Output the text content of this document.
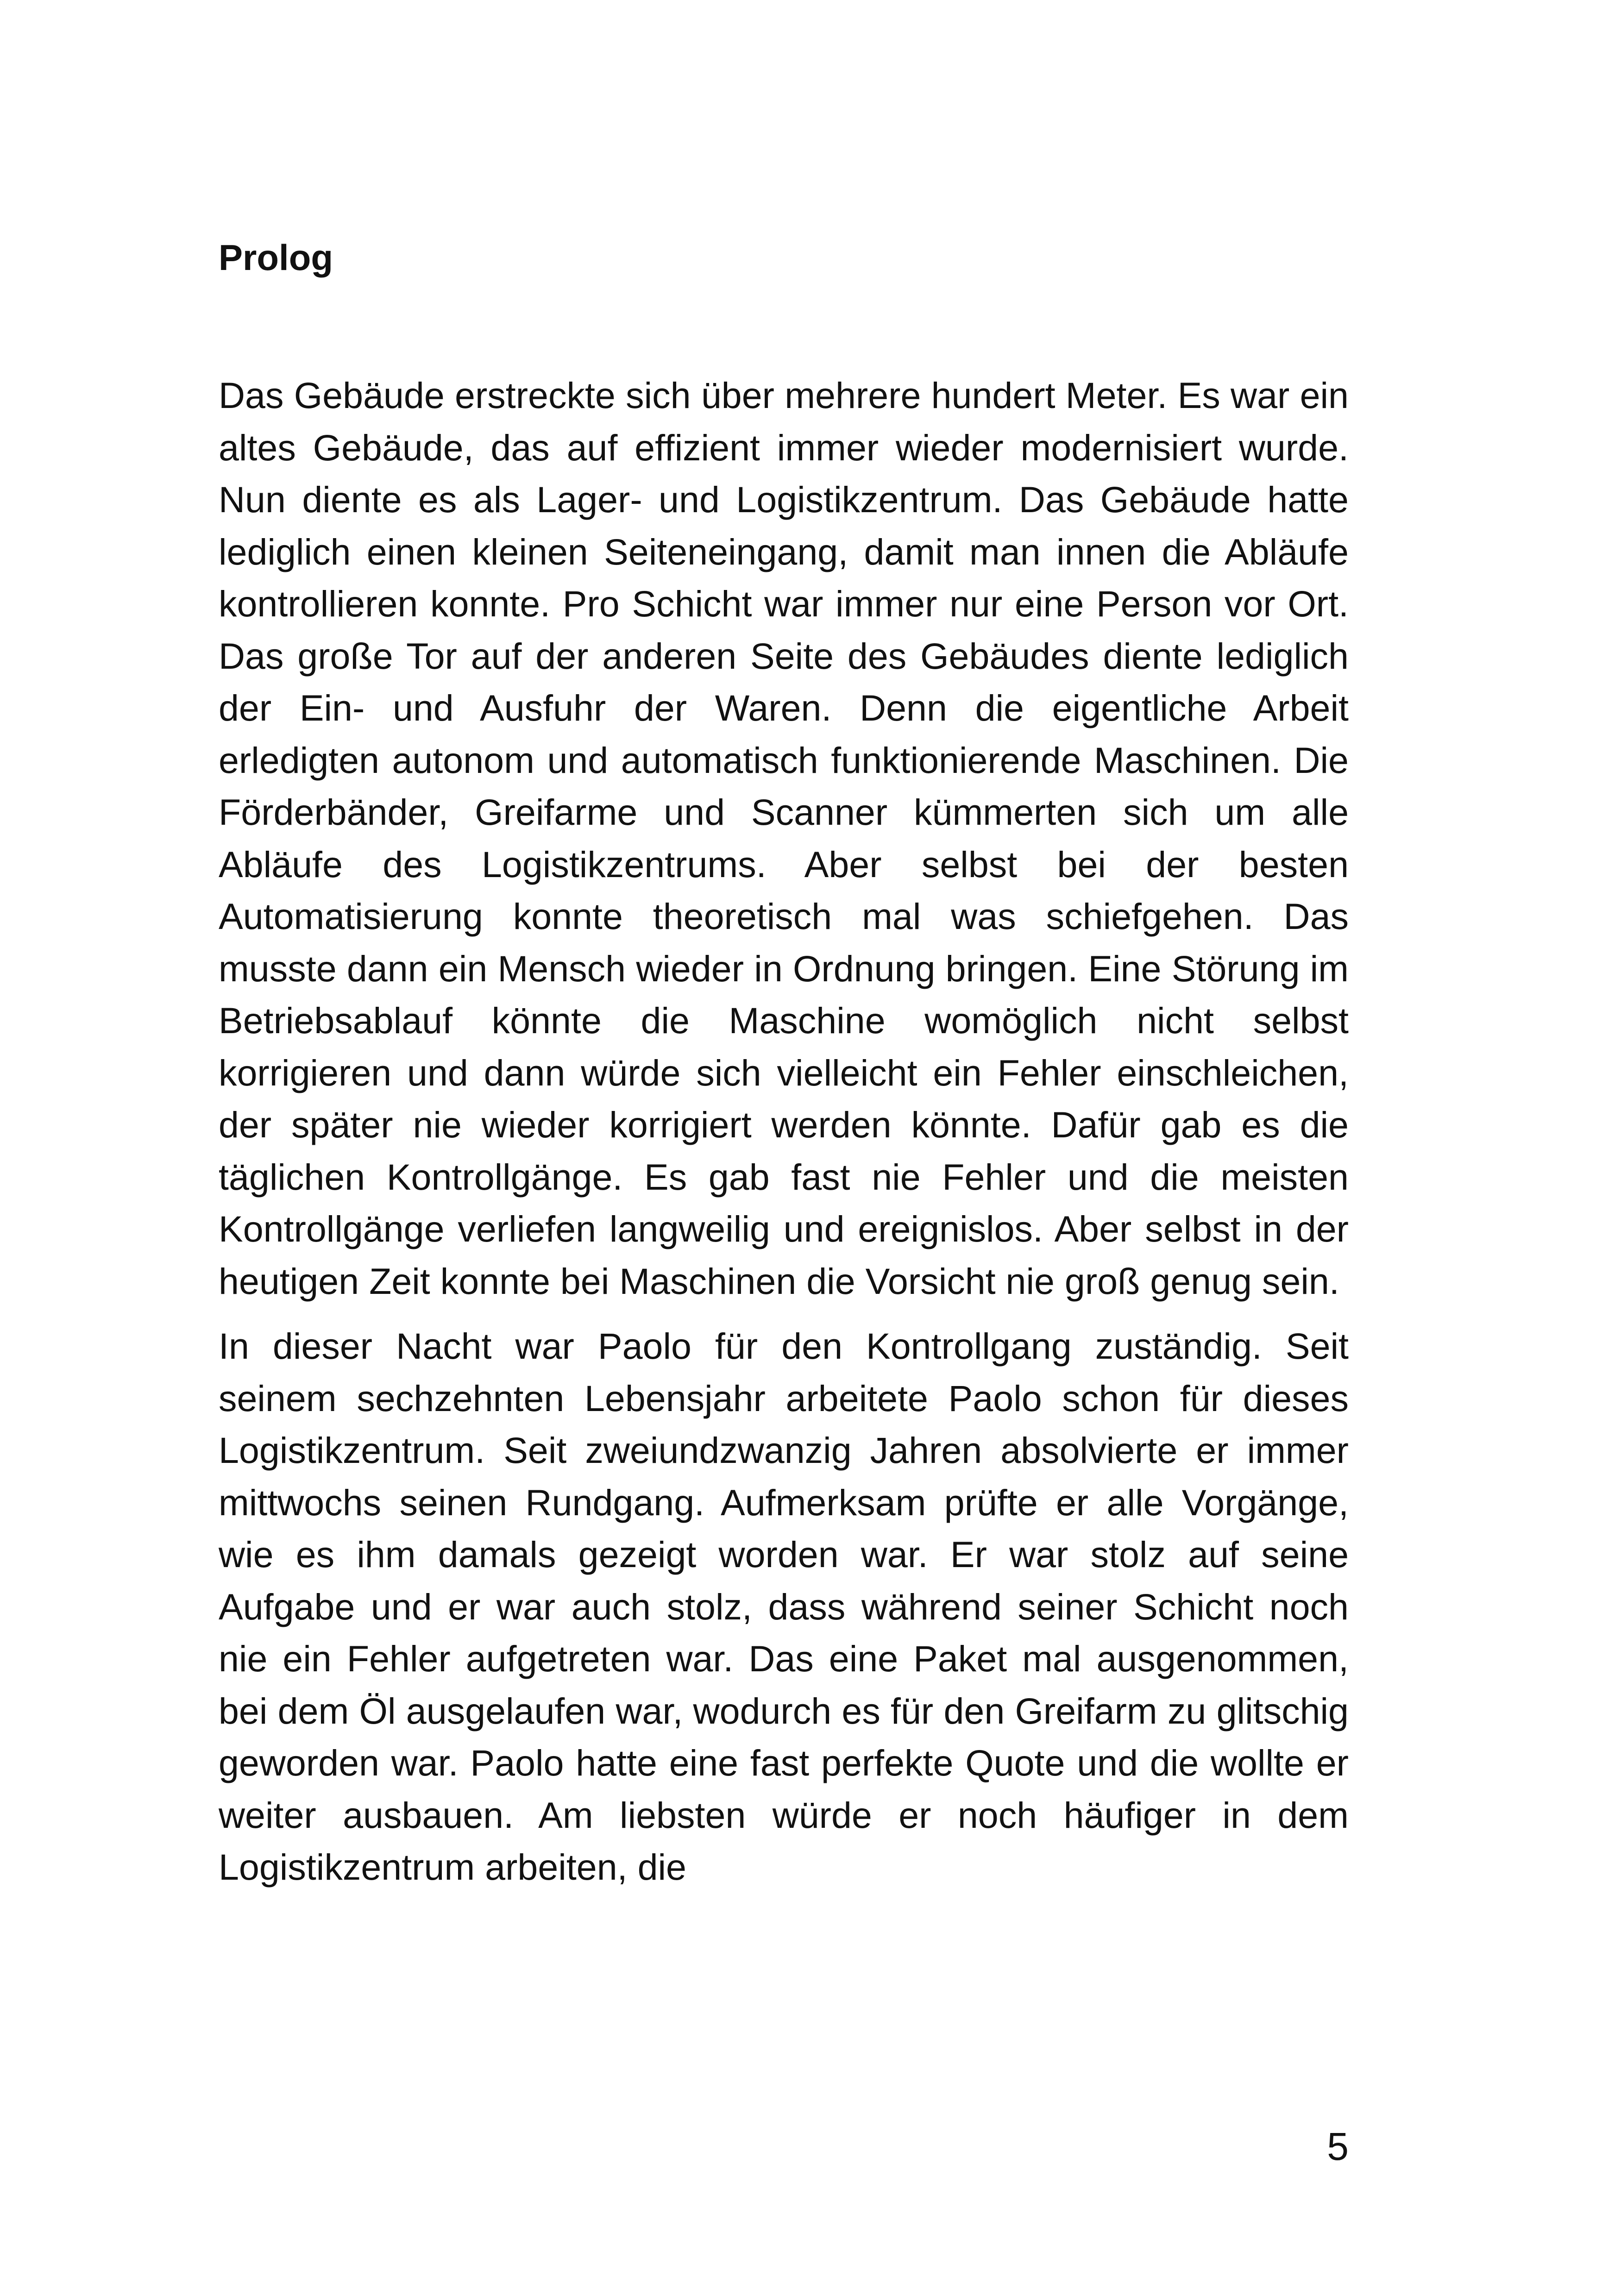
Prolog

Das Gebäude erstreckte sich über mehrere hundert Meter. Es war ein altes Gebäude, das auf effizient immer wieder modernisiert wurde. Nun diente es als Lager- und Logistikzentrum. Das Gebäude hatte lediglich einen kleinen Seiteneingang, damit man innen die Abläufe kontrollieren konnte. Pro Schicht war immer nur eine Person vor Ort. Das große Tor auf der anderen Seite des Gebäudes diente lediglich der Ein- und Ausfuhr der Waren. Denn die eigentliche Arbeit erledigten autonom und automatisch funktionierende Maschinen. Die Förderbänder, Greifarme und Scanner kümmerten sich um alle Abläufe des Logistikzentrums. Aber selbst bei der besten Automatisierung konnte theoretisch mal was schiefgehen. Das musste dann ein Mensch wieder in Ordnung bringen. Eine Störung im Betriebsablauf könnte die Maschine womöglich nicht selbst korrigieren und dann würde sich vielleicht ein Fehler einschleichen, der später nie wieder korrigiert werden könnte. Dafür gab es die täglichen Kontrollgänge. Es gab fast nie Fehler und die meisten Kontrollgänge verliefen langweilig und ereignislos. Aber selbst in der heutigen Zeit konnte bei Maschinen die Vorsicht nie groß genug sein.

In dieser Nacht war Paolo für den Kontrollgang zuständig. Seit seinem sechzehnten Lebensjahr arbeitete Paolo schon für dieses Logistikzentrum. Seit zweiundzwanzig Jahren absolvierte er immer mittwochs seinen Rundgang. Aufmerksam prüfte er alle Vorgänge, wie es ihm damals gezeigt worden war. Er war stolz auf seine Aufgabe und er war auch stolz, dass während seiner Schicht noch nie ein Fehler aufgetreten war. Das eine Paket mal ausgenommen, bei dem Öl ausgelaufen war, wodurch es für den Greifarm zu glitschig geworden war. Paolo hatte eine fast perfekte Quote und die wollte er weiter ausbauen. Am liebsten würde er noch häufiger in dem Logistikzentrum arbeiten, die

5
